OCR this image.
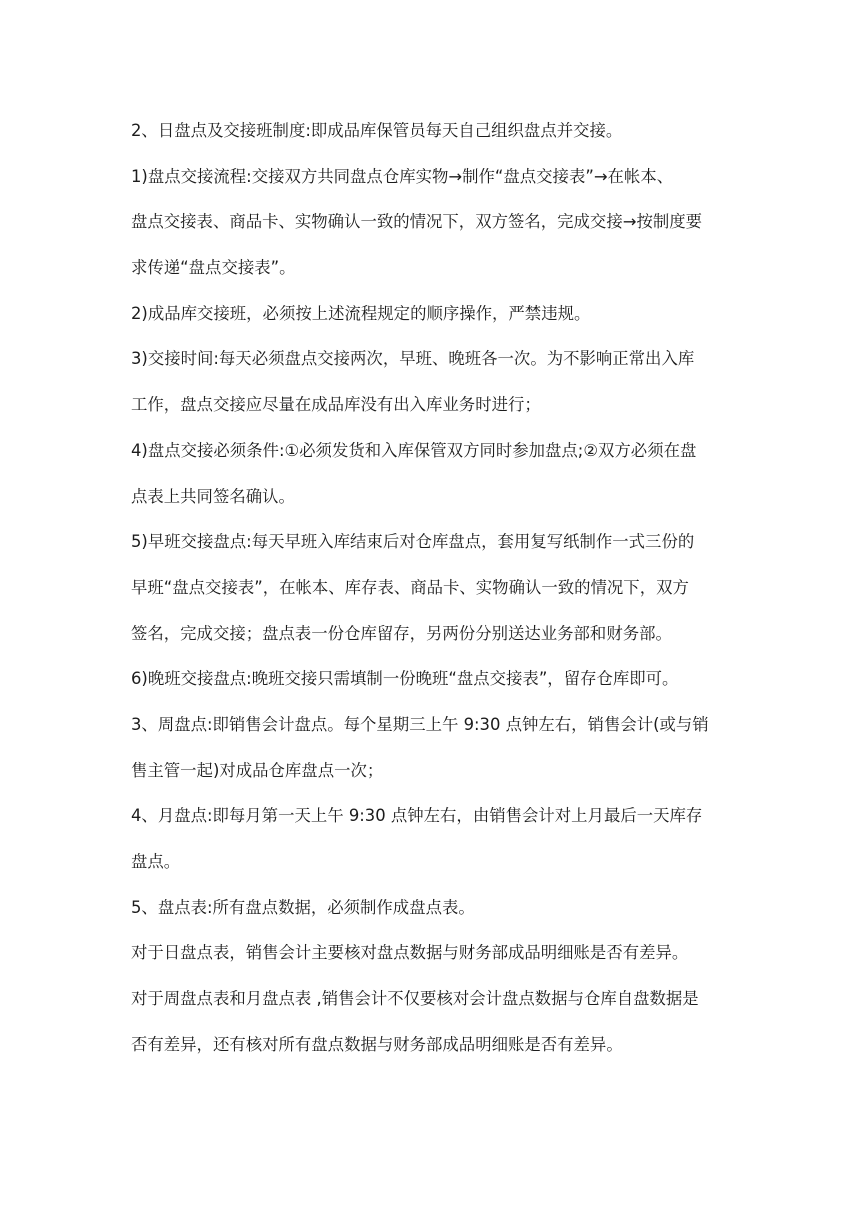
2、日盘点及交接班制度:即成品库保管员每天自己组织盘点并交接。
1)盘点交接流程:交接双方共同盘点仓库实物→制作“盘点交接表”→在帐本、
盘点交接表、商品卡、实物确认一致的情况下，双方签名，完成交接→按制度要
求传递“盘点交接表”。
2)成品库交接班，必须按上述流程规定的顺序操作，严禁违规。
3)交接时间:每天必须盘点交接两次，早班、晚班各一次。为不影响正常出入库
工作，盘点交接应尽量在成品库没有出入库业务时进行；
4)盘点交接必须条件:①必须发货和入库保管双方同时参加盘点;②双方必须在盘
点表上共同签名确认。
5)早班交接盘点:每天早班入库结束后对仓库盘点，套用复写纸制作一式三份的
早班“盘点交接表”，在帐本、库存表、商品卡、实物确认一致的情况下，双方
签名，完成交接；盘点表一份仓库留存，另两份分别送达业务部和财务部。
6)晚班交接盘点:晚班交接只需填制一份晚班“盘点交接表”，留存仓库即可。
3、周盘点:即销售会计盘点。每个星期三上午 9:30 点钟左右，销售会计(或与销
售主管一起)对成品仓库盘点一次；
4、月盘点:即每月第一天上午 9:30 点钟左右，由销售会计对上月最后一天库存
盘点。
5、盘点表:所有盘点数据，必须制作成盘点表。
对于日盘点表，销售会计主要核对盘点数据与财务部成品明细账是否有差异。
对于周盘点表和月盘点表 ,销售会计不仅要核对会计盘点数据与仓库自盘数据是
否有差异，还有核对所有盘点数据与财务部成品明细账是否有差异。
